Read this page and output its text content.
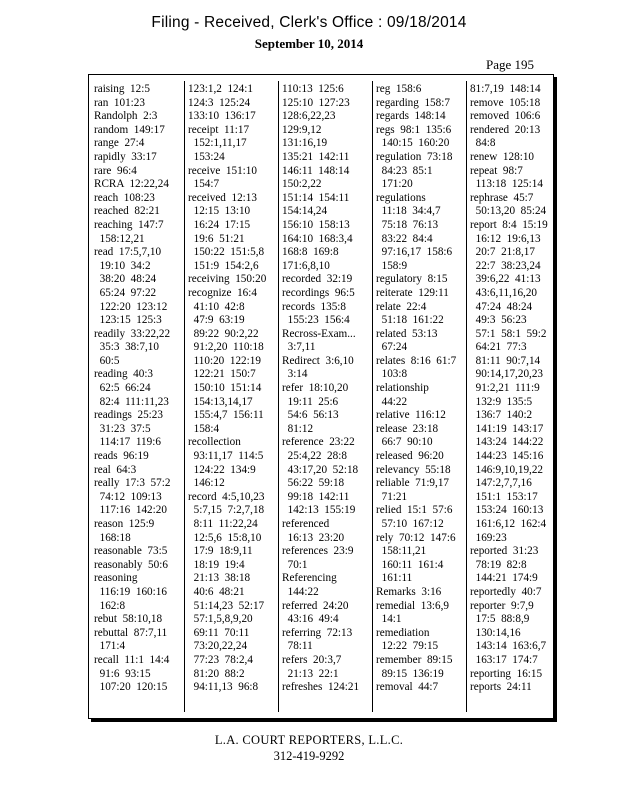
Filing - Received, Clerk's Office : 09/18/2014
September 10, 2014
Page 195
raising  12:5
ran  101:23
Randolph  2:3
random  149:17
range  27:4
rapidly  33:17
rare  96:4
RCRA  12:22,24
reach  108:23
reached  82:21
reaching  147:7
158:12,21
read  17:5,7,10
19:10  34:2
38:20  48:24
65:24  97:22
122:20  123:12
123:15  125:3
readily  33:22,22
35:3  38:7,10
60:5
reading  40:3
62:5  66:24
82:4  111:11,23
readings  25:23
31:23  37:5
114:17  119:6
reads  96:19
real  64:3
really  17:3  57:2
74:12  109:13
117:16  142:20
reason  125:9
168:18
reasonable  73:5
reasonably  50:6
reasoning
116:19  160:16
162:8
rebut  58:10,18
rebuttal  87:7,11
171:4
recall  11:1  14:4
91:6  93:15
107:20  120:15
123:1,2  124:1
124:3  125:24
133:10  136:17
receipt  11:17
152:1,11,17
153:24
receive  151:10
154:7
received  12:13
12:15  13:10
16:24  17:15
19:6  51:21
150:22  151:5,8
151:9  154:2,6
receiving  150:20
recognize  16:4
41:10  42:8
47:9  63:19
89:22  90:2,22
91:2,20  110:18
110:20  122:19
122:21  150:7
150:10  151:14
154:13,14,17
155:4,7  156:11
158:4
recollection
93:11,17  114:5
124:22  134:9
146:12
record  4:5,10,23
5:7,15  7:2,7,18
8:11  11:22,24
12:5,6  15:8,10
17:9  18:9,11
18:19  19:4
21:13  38:18
40:6  48:21
51:14,23  52:17
57:1,5,8,9,20
69:11  70:11
73:20,22,24
77:23  78:2,4
81:20  88:2
94:11,13  96:8
110:13  125:6
125:10  127:23
128:6,22,23
129:9,12
131:16,19
135:21  142:11
146:11  148:14
150:2,22
151:14  154:11
154:14,24
156:10  158:13
164:10  168:3,4
168:8  169:8
171:6,8,10
recorded  32:19
recordings  96:5
records  135:8
155:23  156:4
Recross-Exam...
3:7,11
Redirect  3:6,10
3:14
refer  18:10,20
19:11  25:6
54:6  56:13
81:12
reference  23:22
25:4,22  28:8
43:17,20  52:18
56:22  59:18
99:18  142:11
142:13  155:19
referenced
16:13  23:20
references  23:9
70:1
Referencing
144:22
referred  24:20
43:16  49:4
referring  72:13
78:11
refers  20:3,7
21:13  22:1
refreshes  124:21
reg  158:6
regarding  158:7
regards  148:14
regs  98:1  135:6
140:15  160:20
regulation  73:18
84:23  85:1
171:20
regulations
11:18  34:4,7
75:18  76:13
83:22  84:4
97:16,17  158:6
158:9
regulatory  8:15
reiterate  129:11
relate  22:4
51:18  161:22
related  53:13
67:24
relates  8:16  61:7
103:8
relationship
44:22
relative  116:12
release  23:18
66:7  90:10
released  96:20
relevancy  55:18
reliable  71:9,17
71:21
relied  15:1  57:6
57:10  167:12
rely  70:12  147:6
158:11,21
160:11  161:4
161:11
Remarks  3:16
remedial  13:6,9
14:1
remediation
12:22  79:15
remember  89:15
89:15  136:19
removal  44:7
81:7,19  148:14
remove  105:18
removed  106:6
rendered  20:13
84:8
renew  128:10
repeat  98:7
113:18  125:14
rephrase  45:7
50:13,20  85:24
report  8:4  15:19
16:12  19:6,13
20:7  21:8,17
22:7  38:23,24
39:6,22  41:13
43:6,11,16,20
47:24  48:24
49:3  56:23
57:1  58:1  59:2
64:21  77:3
81:11  90:7,14
90:14,17,20,23
91:2,21  111:9
132:9  135:5
136:7  140:2
141:19  143:17
143:24  144:22
144:23  145:16
146:9,10,19,22
147:2,7,7,16
151:1  153:17
153:24  160:13
161:6,12  162:4
169:23
reported  31:23
78:19  82:8
144:21  174:9
reportedly  40:7
reporter  9:7,9
17:5  88:8,9
130:14,16
143:14  163:6,7
163:17  174:7
reporting  16:15
reports  24:11
L.A. COURT REPORTERS, L.L.C.
312-419-9292
